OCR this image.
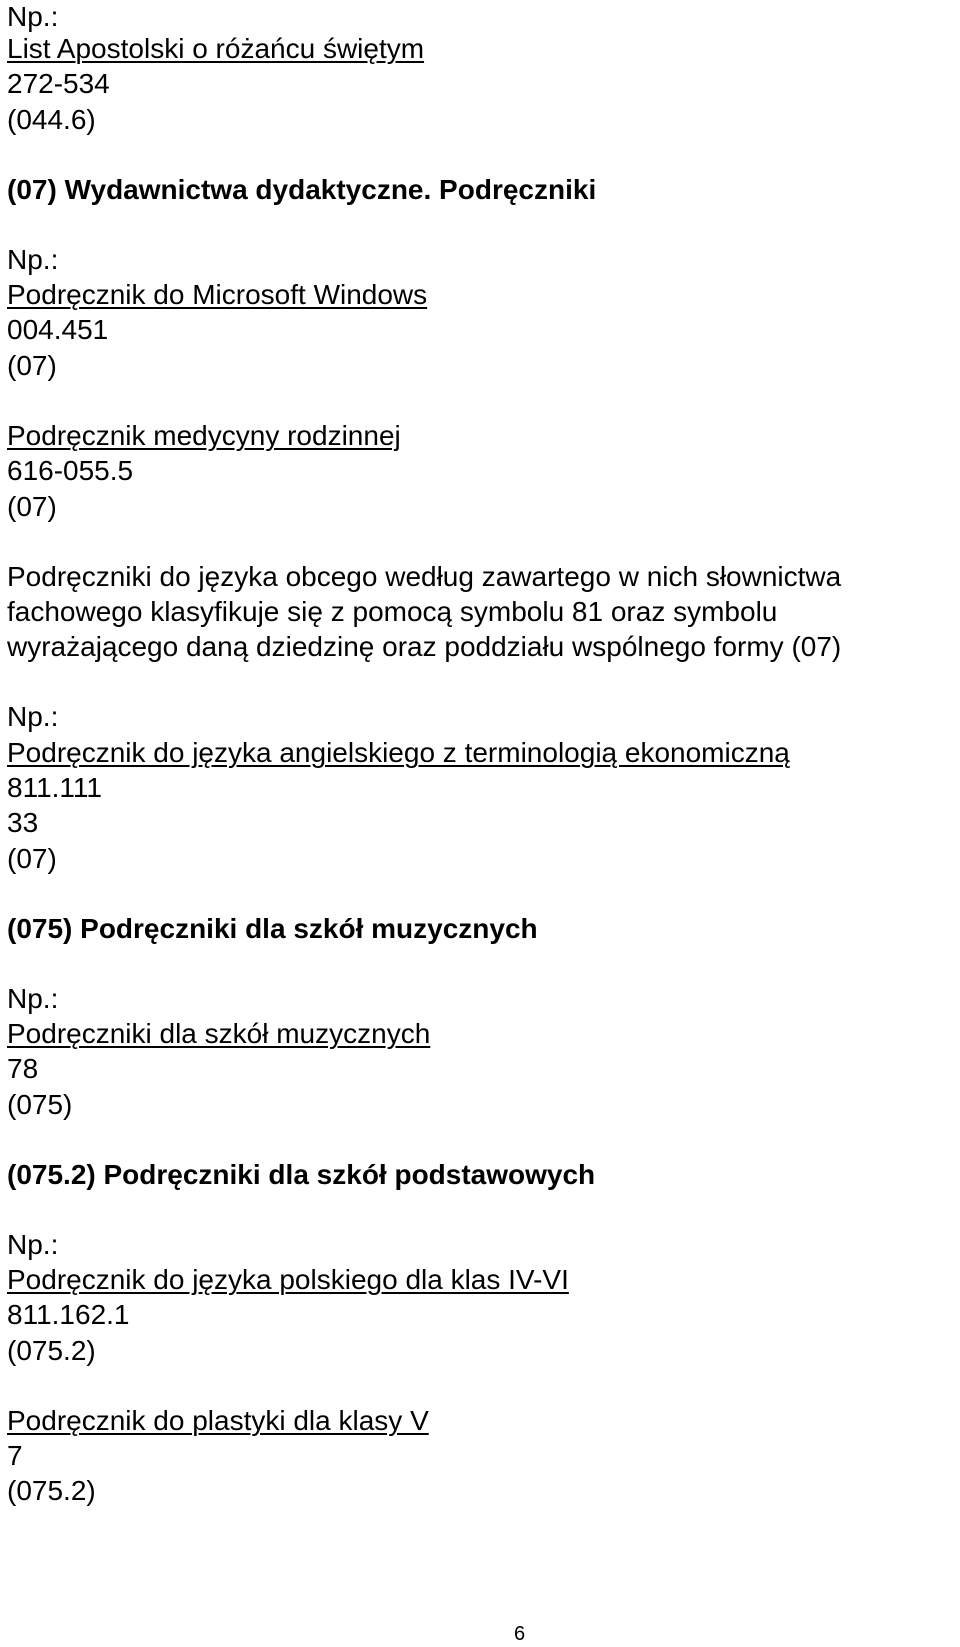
Np.:
List Apostolski o różańcu świętym
272-534
(044.6)
(07) Wydawnictwa dydaktyczne. Podręczniki
Np.:
Podręcznik do Microsoft Windows
004.451
(07)
Podręcznik medycyny rodzinnej
616-055.5
(07)
Podręczniki do języka obcego według zawartego w nich słownictwa
fachowego klasyfikuje się z pomocą symbolu 81 oraz symbolu
wyrażającego daną dziedzinę oraz poddziału wspólnego formy (07)
Np.:
Podręcznik do języka angielskiego z terminologią ekonomiczną
811.111
33
(07)
(075) Podręczniki dla szkół muzycznych
Np.:
Podręczniki dla szkół muzycznych
78
(075)
(075.2) Podręczniki dla szkół podstawowych
Np.:
Podręcznik do języka polskiego dla klas IV-VI
811.162.1
(075.2)
Podręcznik do plastyki dla klasy V
7
(075.2)
6
